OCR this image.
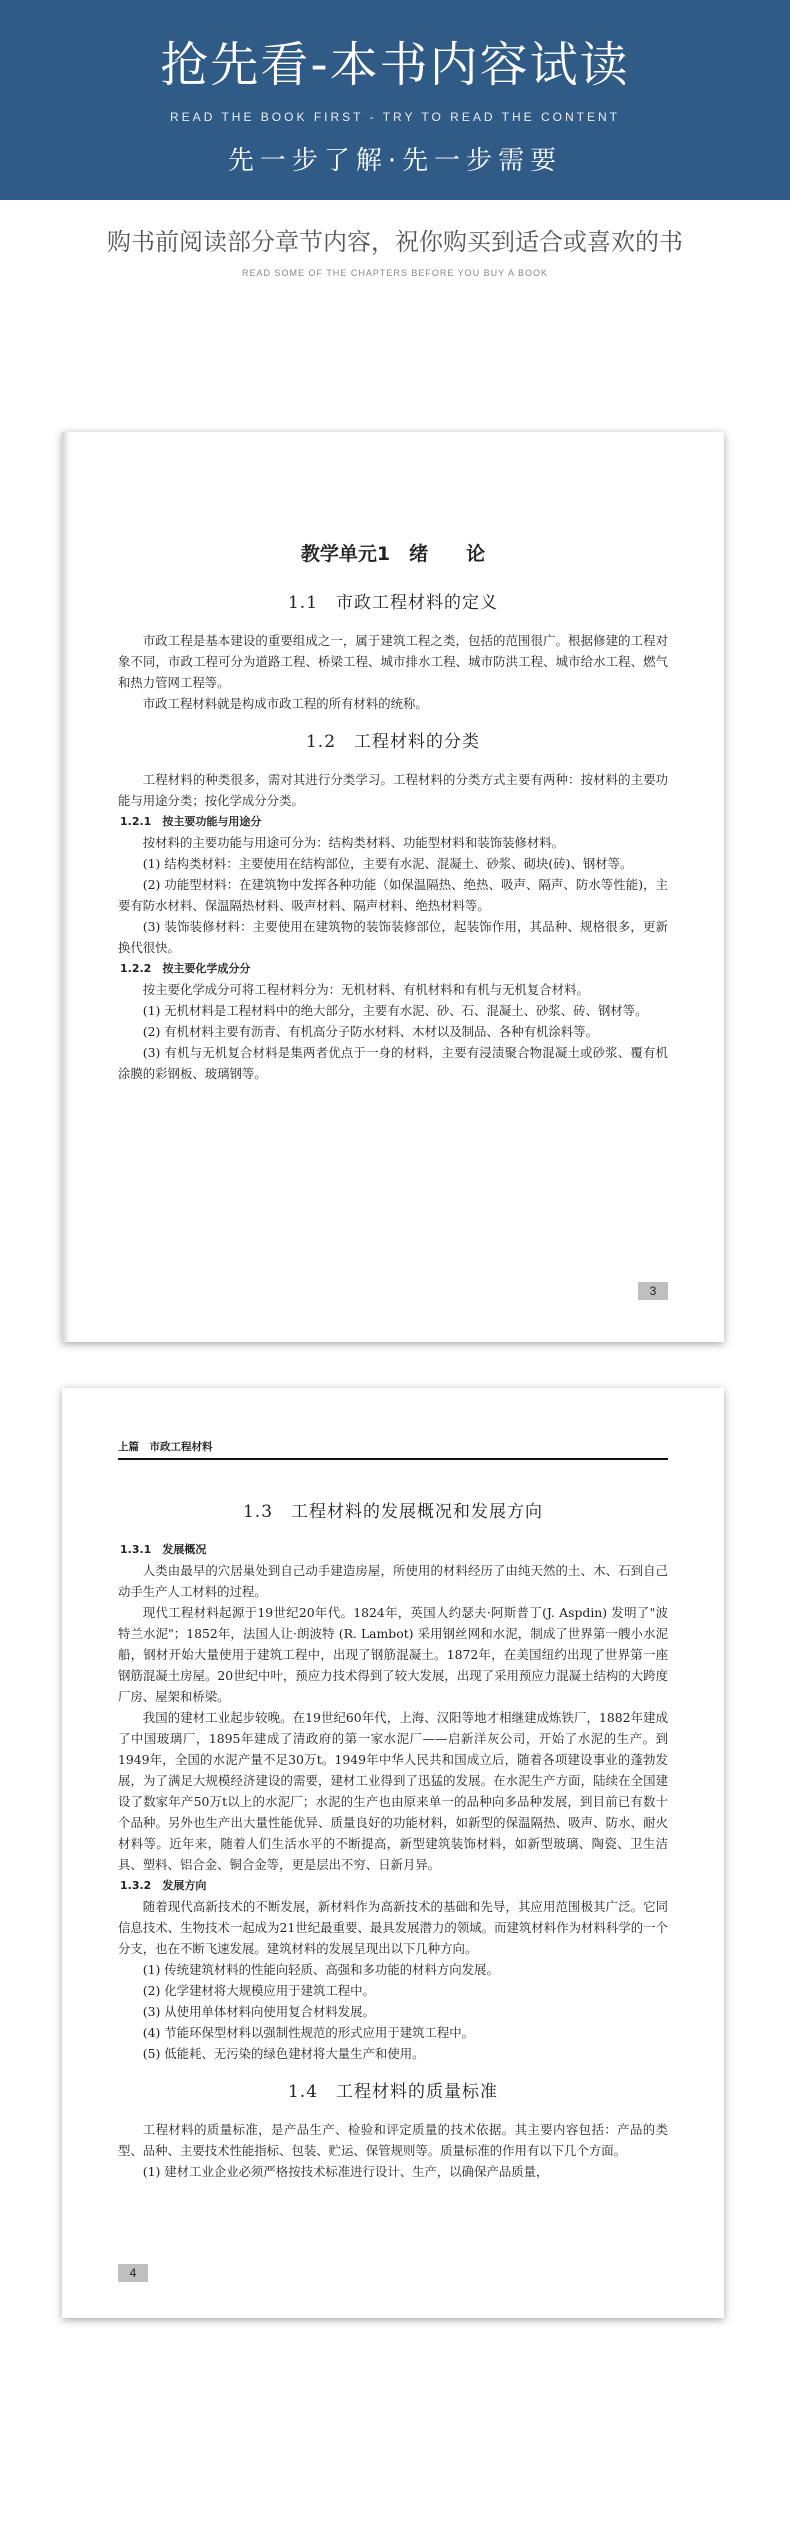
抢先看-本书内容试读
READ THE BOOK FIRST - TRY TO READ THE CONTENT
先一步了解·先一步需要
购书前阅读部分章节内容，祝你购买到适合或喜欢的书
READ SOME OF THE CHAPTERS BEFORE YOU BUY A BOOK
教学单元1　绪　　论
1.1　市政工程材料的定义

市政工程是基本建设的重要组成之一，属于建筑工程之类，包括的范围很广。根据修建的工程对象不同，市政工程可分为道路工程、桥梁工程、城市排水工程、城市防洪工程、城市给水工程、燃气和热力管网工程等。

市政工程材料就是构成市政工程的所有材料的统称。

1.2　工程材料的分类

工程材料的种类很多，需对其进行分类学习。工程材料的分类方式主要有两种：按材料的主要功能与用途分类；按化学成分分类。

1.2.1　按主要功能与用途分

按材料的主要功能与用途可分为：结构类材料、功能型材料和装饰装修材料。

(1) 结构类材料：主要使用在结构部位，主要有水泥、混凝土、砂浆、砌块(砖)、钢材等。

(2) 功能型材料：在建筑物中发挥各种功能（如保温隔热、绝热、吸声、隔声、防水等性能)，主要有防水材料、保温隔热材料、吸声材料、隔声材料、绝热材料等。

(3) 装饰装修材料：主要使用在建筑物的装饰装修部位，起装饰作用，其品种、规格很多，更新换代很快。

1.2.2　按主要化学成分分

按主要化学成分可将工程材料分为：无机材料、有机材料和有机与无机复合材料。

(1) 无机材料是工程材料中的绝大部分，主要有水泥、砂、石、混凝土、砂浆、砖、钢材等。

(2) 有机材料主要有沥青、有机高分子防水材料、木材以及制品、各种有机涂料等。

(3) 有机与无机复合材料是集两者优点于一身的材料，主要有浸渍聚合物混凝土或砂浆、覆有机涂膜的彩钢板、玻璃钢等。

3
上篇　市政工程材料
1.3　工程材料的发展概况和发展方向
1.3.1　发展概况

人类由最早的穴居巢处到自己动手建造房屋，所使用的材料经历了由纯天然的土、木、石到自己动手生产人工材料的过程。

现代工程材料起源于19世纪20年代。1824年，英国人约瑟夫·阿斯普丁(J. Aspdin) 发明了"波特兰水泥"；1852年，法国人让·朗波特 (R. Lambot) 采用钢丝网和水泥，制成了世界第一艘小水泥船，钢材开始大量使用于建筑工程中，出现了钢筋混凝土。1872年，在美国纽约出现了世界第一座钢筋混凝土房屋。20世纪中叶，预应力技术得到了较大发展，出现了采用预应力混凝土结构的大跨度厂房、屋架和桥梁。

我国的建材工业起步较晚。在19世纪60年代，上海、汉阳等地才相继建成炼铁厂，1882年建成了中国玻璃厂，1895年建成了清政府的第一家水泥厂——启新洋灰公司，开始了水泥的生产。到1949年，全国的水泥产量不足30万t。1949年中华人民共和国成立后，随着各项建设事业的蓬勃发展，为了满足大规模经济建设的需要，建材工业得到了迅猛的发展。在水泥生产方面，陆续在全国建设了数家年产50万t以上的水泥厂；水泥的生产也由原来单一的品种向多品种发展，到目前已有数十个品种。另外也生产出大量性能优异、质量良好的功能材料，如新型的保温隔热、吸声、防水、耐火材料等。近年来，随着人们生活水平的不断提高，新型建筑装饰材料，如新型玻璃、陶瓷、卫生洁具、塑料、铝合金、铜合金等，更是层出不穷、日新月异。

1.3.2　发展方向

随着现代高新技术的不断发展，新材料作为高新技术的基础和先导，其应用范围极其广泛。它同信息技术、生物技术一起成为21世纪最重要、最具发展潜力的领域。而建筑材料作为材料科学的一个分支，也在不断飞速发展。建筑材料的发展呈现出以下几种方向。

(1) 传统建筑材料的性能向轻质、高强和多功能的材料方向发展。

(2) 化学建材将大规模应用于建筑工程中。

(3) 从使用单体材料向使用复合材料发展。

(4) 节能环保型材料以强制性规范的形式应用于建筑工程中。

(5) 低能耗、无污染的绿色建材将大量生产和使用。

1.4　工程材料的质量标准

工程材料的质量标准，是产品生产、检验和评定质量的技术依据。其主要内容包括：产品的类型、品种、主要技术性能指标、包装、贮运、保管规则等。质量标准的作用有以下几个方面。

(1) 建材工业企业必须严格按技术标准进行设计、生产，以确保产品质量，

4
